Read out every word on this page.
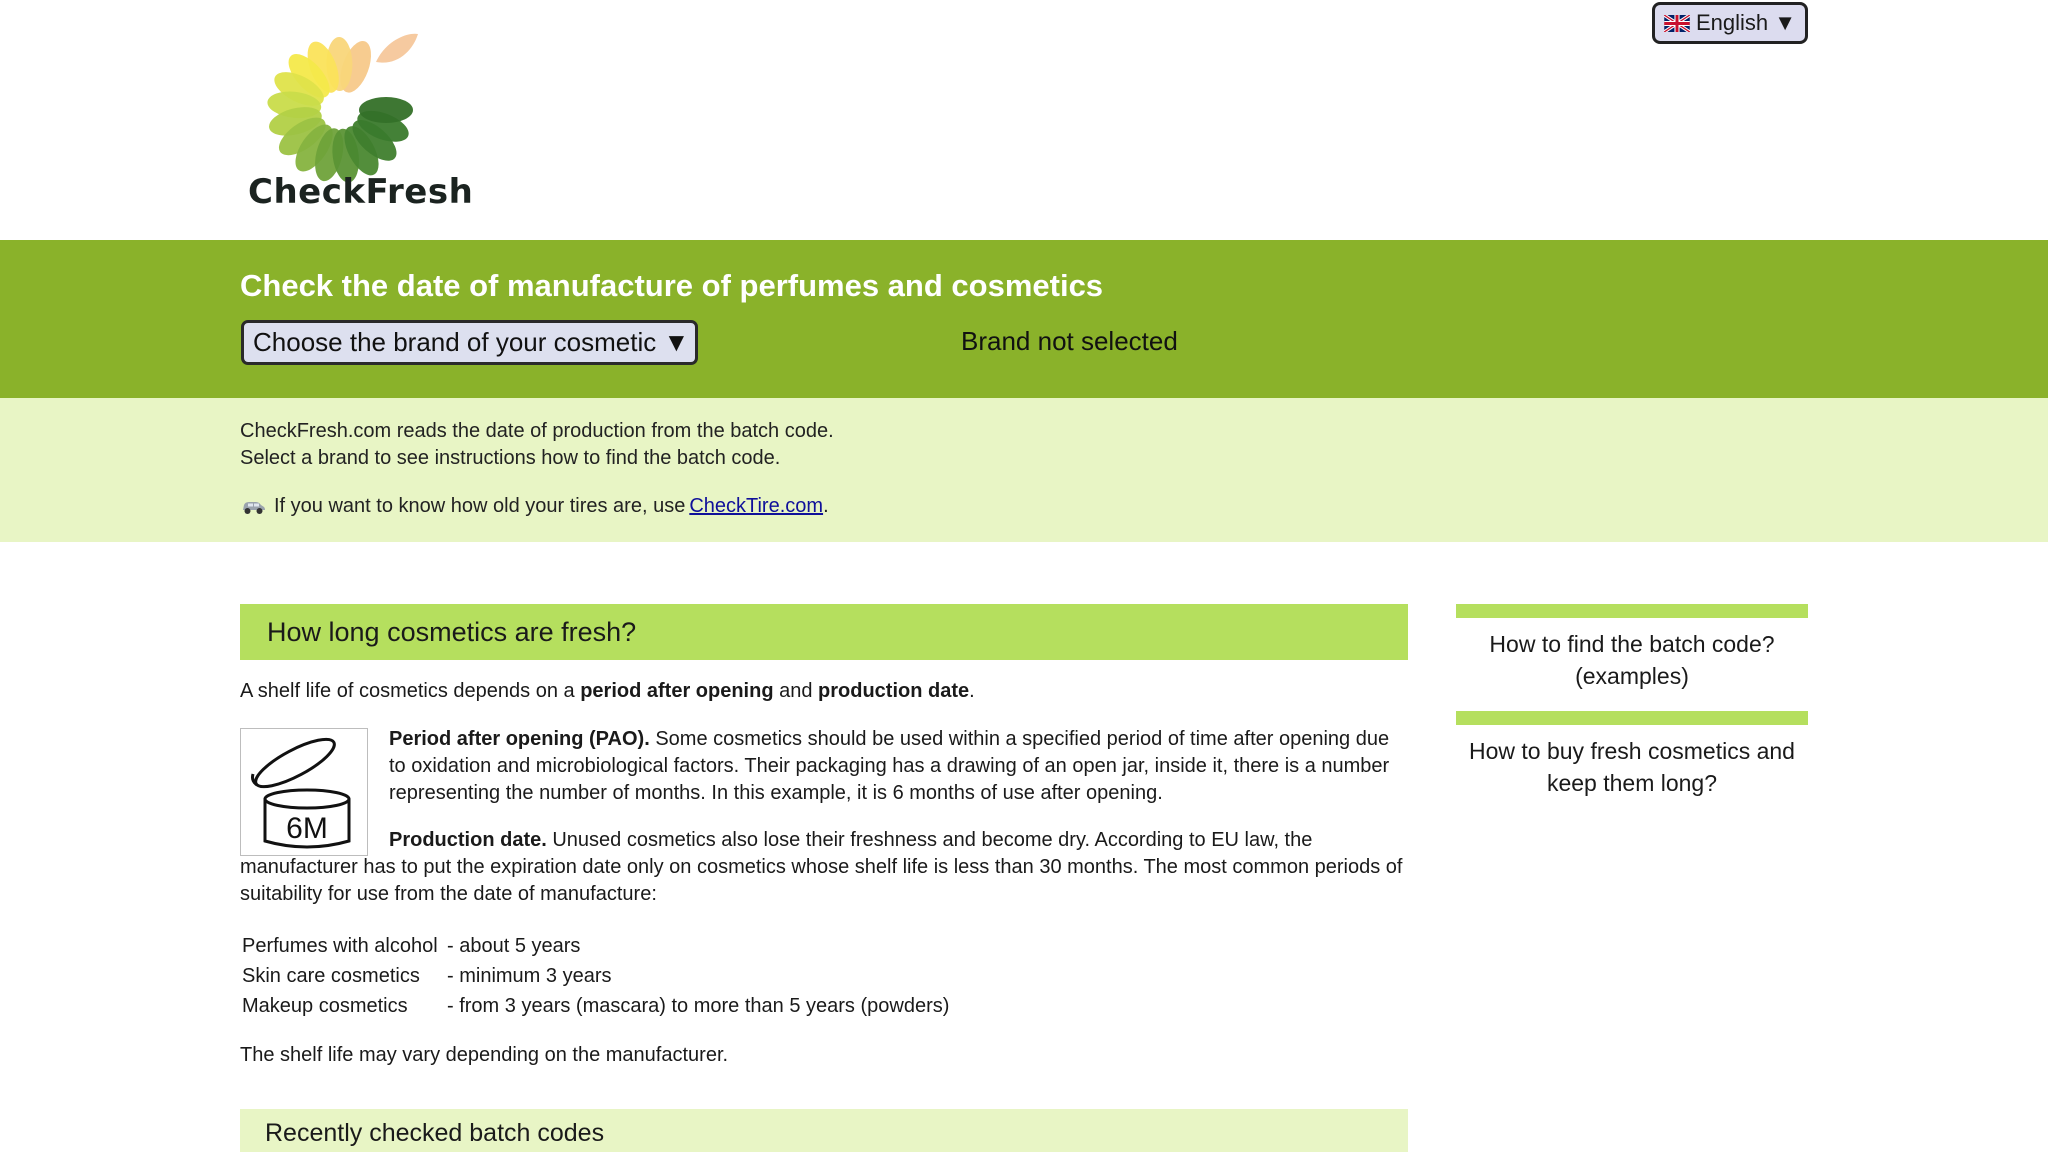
CheckFresh
English ▼
Check the date of manufacture of perfumes and cosmetics
Choose the brand of your cosmetic ▼	Brand not selected

CheckFresh.com reads the date of production from the batch code.

Select a brand to see instructions how to find the batch code.

If you want to know how old your tires are, use CheckTire.com.

How long cosmetics are fresh?

A shelf life of cosmetics depends on a period after opening and production date.

6M

Period after opening (PAO). Some cosmetics should be used within a specified period of time after opening due to oxidation and microbiological factors. Their packaging has a drawing of an open jar, inside it, there is a number representing the number of months. In this example, it is 6 months of use after opening.

Production date. Unused cosmetics also lose their freshness and become dry. According to EU law, the manufacturer has to put the expiration date only on cosmetics whose shelf life is less than 30 months. The most common periods of suitability for use from the date of manufacture:

Perfumes with alcohol	- about 5 years
Skin care cosmetics	- minimum 3 years
Makeup cosmetics	- from 3 years (mascara) to more than 5 years (powders)

The shelf life may vary depending on the manufacturer.

Recently checked batch codes
How to find the batch code? (examples)
How to buy fresh cosmetics and keep them long?
